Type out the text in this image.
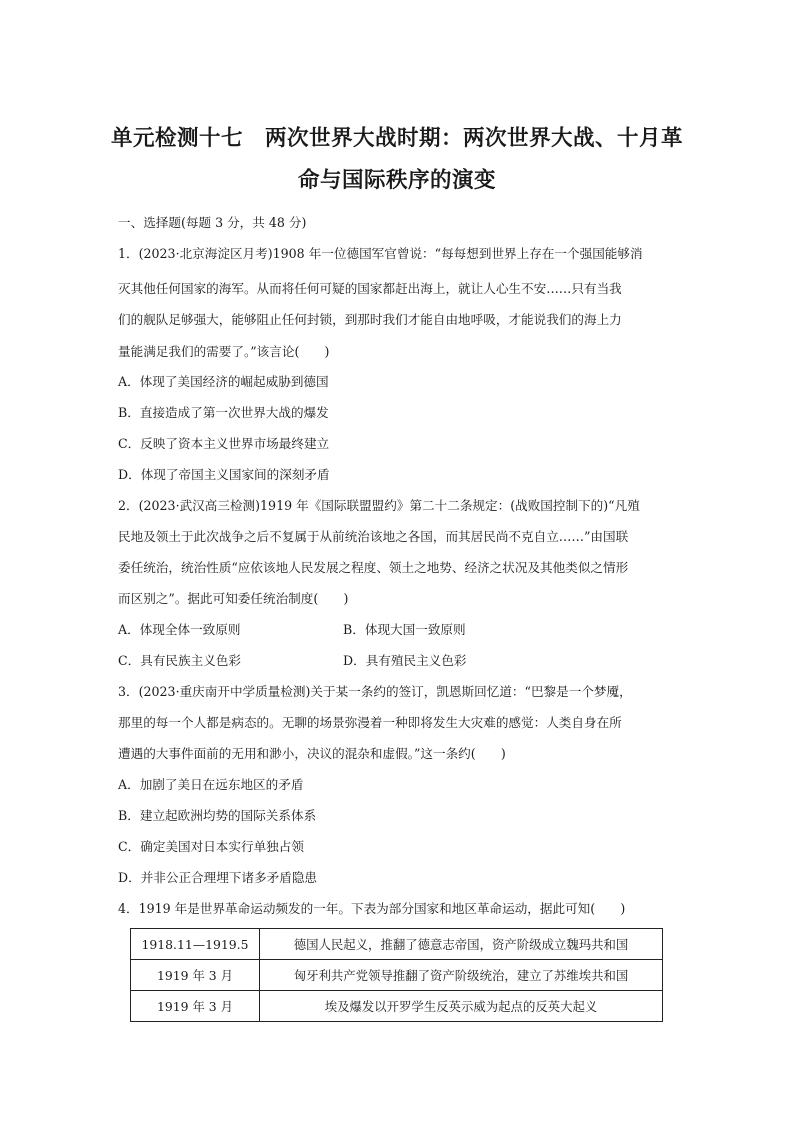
单元检测十七　两次世界大战时期：两次世界大战、十月革
命与国际秩序的演变
一、选择题(每题 3 分，共 48 分)
1．(2023·北京海淀区月考)1908 年一位德国军官曾说：“每每想到世界上存在一个强国能够消
灭其他任何国家的海军。从而将任何可疑的国家都赶出海上，就让人心生不安……只有当我
们的舰队足够强大，能够阻止任何封锁，到那时我们才能自由地呼吸，才能说我们的海上力
量能满足我们的需要了。”该言论(　　)
A．体现了美国经济的崛起威胁到德国
B．直接造成了第一次世界大战的爆发
C．反映了资本主义世界市场最终建立
D．体现了帝国主义国家间的深刻矛盾
2．(2023·武汉高三检测)1919 年《国际联盟盟约》第二十二条规定：(战败国控制下的)“凡殖
民地及领土于此次战争之后不复属于从前统治该地之各国，而其居民尚不克自立……”由国联
委任统治，统治性质“应依该地人民发展之程度、领土之地势、经济之状况及其他类似之情形
而区别之”。据此可知委任统治制度(　　)
A．体现全体一致原则	B．体现大国一致原则
C．具有民族主义色彩	D．具有殖民主义色彩
3．(2023·重庆南开中学质量检测)关于某一条约的签订，凯恩斯回忆道：“巴黎是一个梦魇，
那里的每一个人都是病态的。无聊的场景弥漫着一种即将发生大灾难的感觉：人类自身在所
遭遇的大事件面前的无用和渺小，决议的混杂和虚假。”这一条约(　　)
A．加剧了美日在远东地区的矛盾
B．建立起欧洲均势的国际关系体系
C．确定美国对日本实行单独占领
D．并非公正合理埋下诸多矛盾隐患
4．1919 年是世界革命运动频发的一年。下表为部分国家和地区革命运动，据此可知(　　)
1918.11—1919.5	德国人民起义，推翻了德意志帝国，资产阶级成立魏玛共和国
1919 年 3 月	匈牙利共产党领导推翻了资产阶级统治，建立了苏维埃共和国
1919 年 3 月	埃及爆发以开罗学生反英示威为起点的反英大起义
